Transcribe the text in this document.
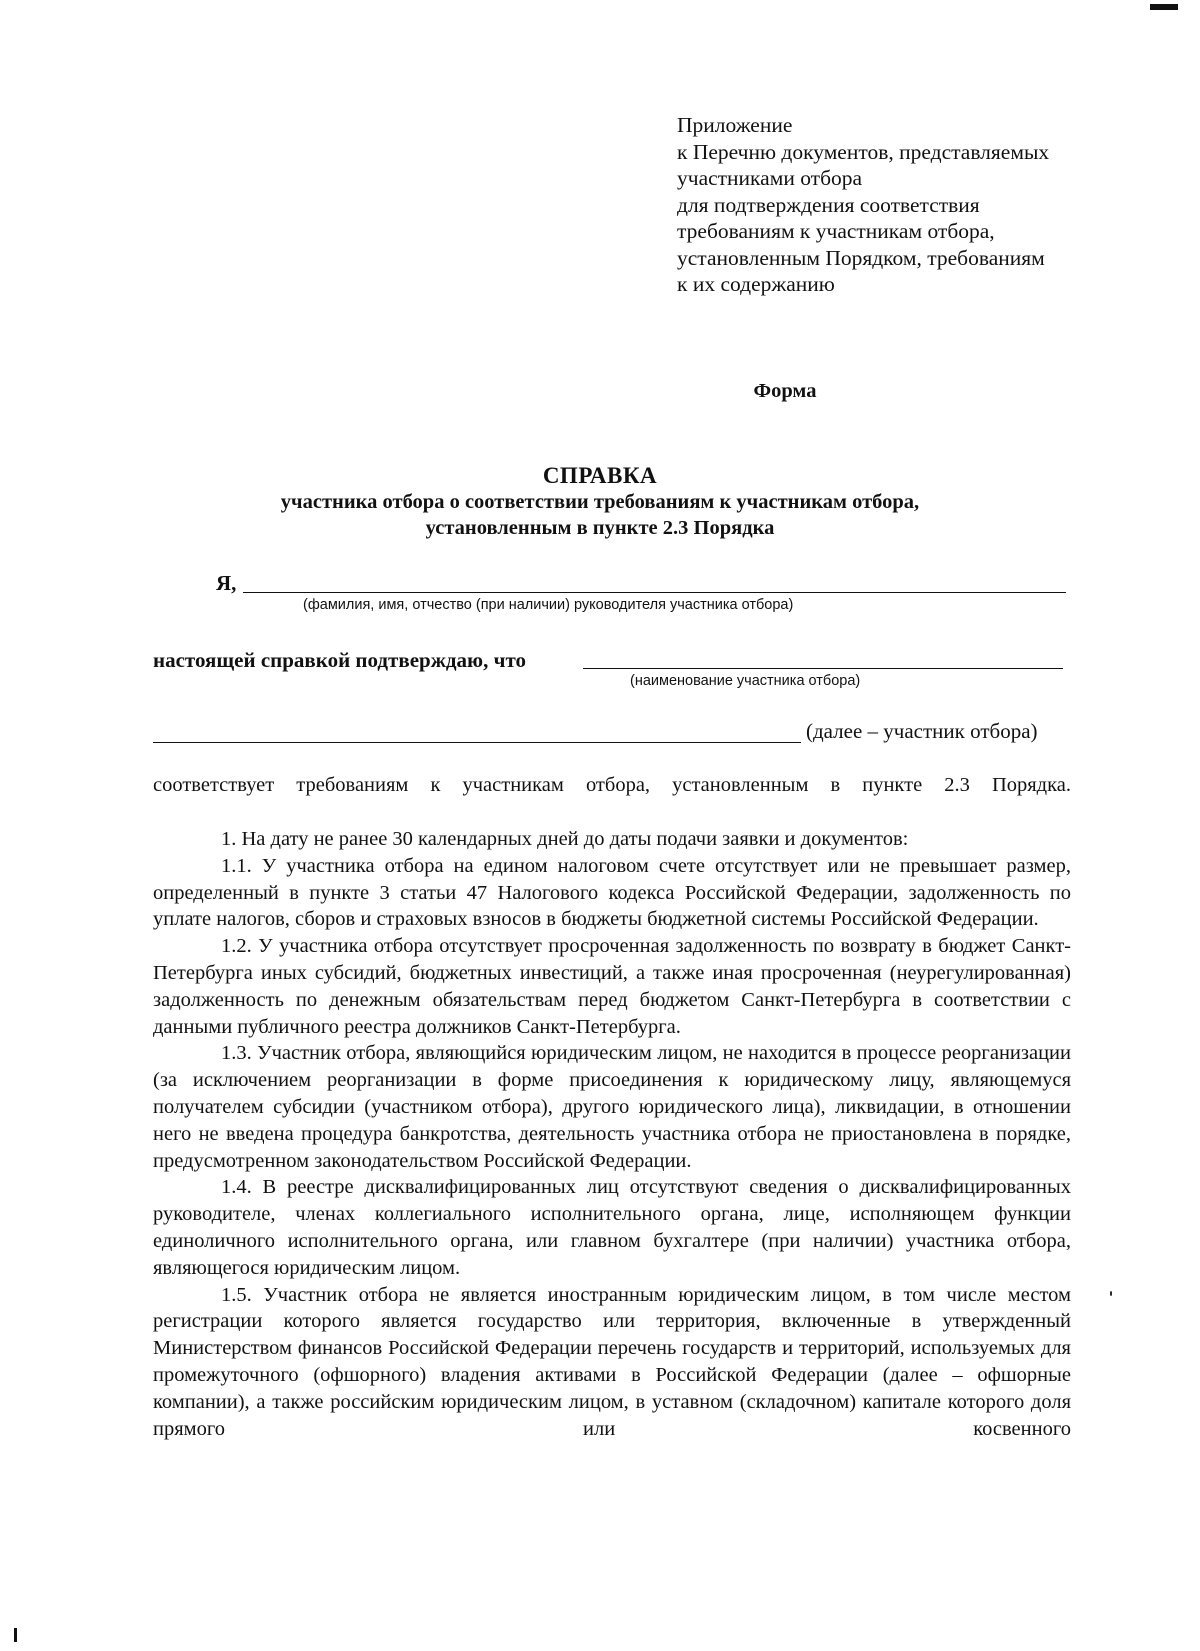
Приложение
к Перечню документов, представляемых
участниками отбора
для подтверждения соответствия
требованиям к участникам отбора,
установленным Порядком, требованиям
к их содержанию
Форма
СПРАВКА
участника отбора о соответствии требованиям к участникам отбора,
установленным в пункте 2.3 Порядка
Я,
(фамилия, имя, отчество (при наличии) руководителя участника отбора)
настоящей справкой подтверждаю, что
(наименование участника отбора)
(далее – участник отбора)

соответствует требованиям к участникам отбора, установленным в пункте 2.3 Порядка.

1. На дату не ранее 30 календарных дней до даты подачи заявки и документов:

1.1. У участника отбора на едином налоговом счете отсутствует или не превышает размер, определенный в пункте 3 статьи 47 Налогового кодекса Российской Федерации, задолженность по уплате налогов, сборов и страховых взносов в бюджеты бюджетной системы Российской Федерации.

1.2. У участника отбора отсутствует просроченная задолженность по возврату в бюджет Санкт-Петербурга иных субсидий, бюджетных инвестиций, а также иная просроченная (неурегулированная) задолженность по денежным обязательствам перед бюджетом Санкт-Петербурга в соответствии с данными публичного реестра должников Санкт-Петербурга.

1.3. Участник отбора, являющийся юридическим лицом, не находится в процессе реорганизации (за исключением реорганизации в форме присоединения к юридическому лицу, являющемуся получателем субсидии (участником отбора), другого юридического лица), ликвидации, в отношении него не введена процедура банкротства, деятельность участника отбора не приостановлена в порядке, предусмотренном законодательством Российской Федерации.

1.4. В реестре дисквалифицированных лиц отсутствуют сведения о дисквалифицированных руководителе, членах коллегиального исполнительного органа, лице, исполняющем функции единоличного исполнительного органа, или главном бухгалтере (при наличии) участника отбора, являющегося юридическим лицом.

1.5. Участник отбора не является иностранным юридическим лицом, в том числе местом регистрации которого является государство или территория, включенные в утвержденный Министерством финансов Российской Федерации перечень государств и территорий, используемых для промежуточного (офшорного) владения активами в Российской Федерации (далее – офшорные компании), а также российским юридическим лицом, в уставном (складочном) капитале которого доля прямого или косвенного
